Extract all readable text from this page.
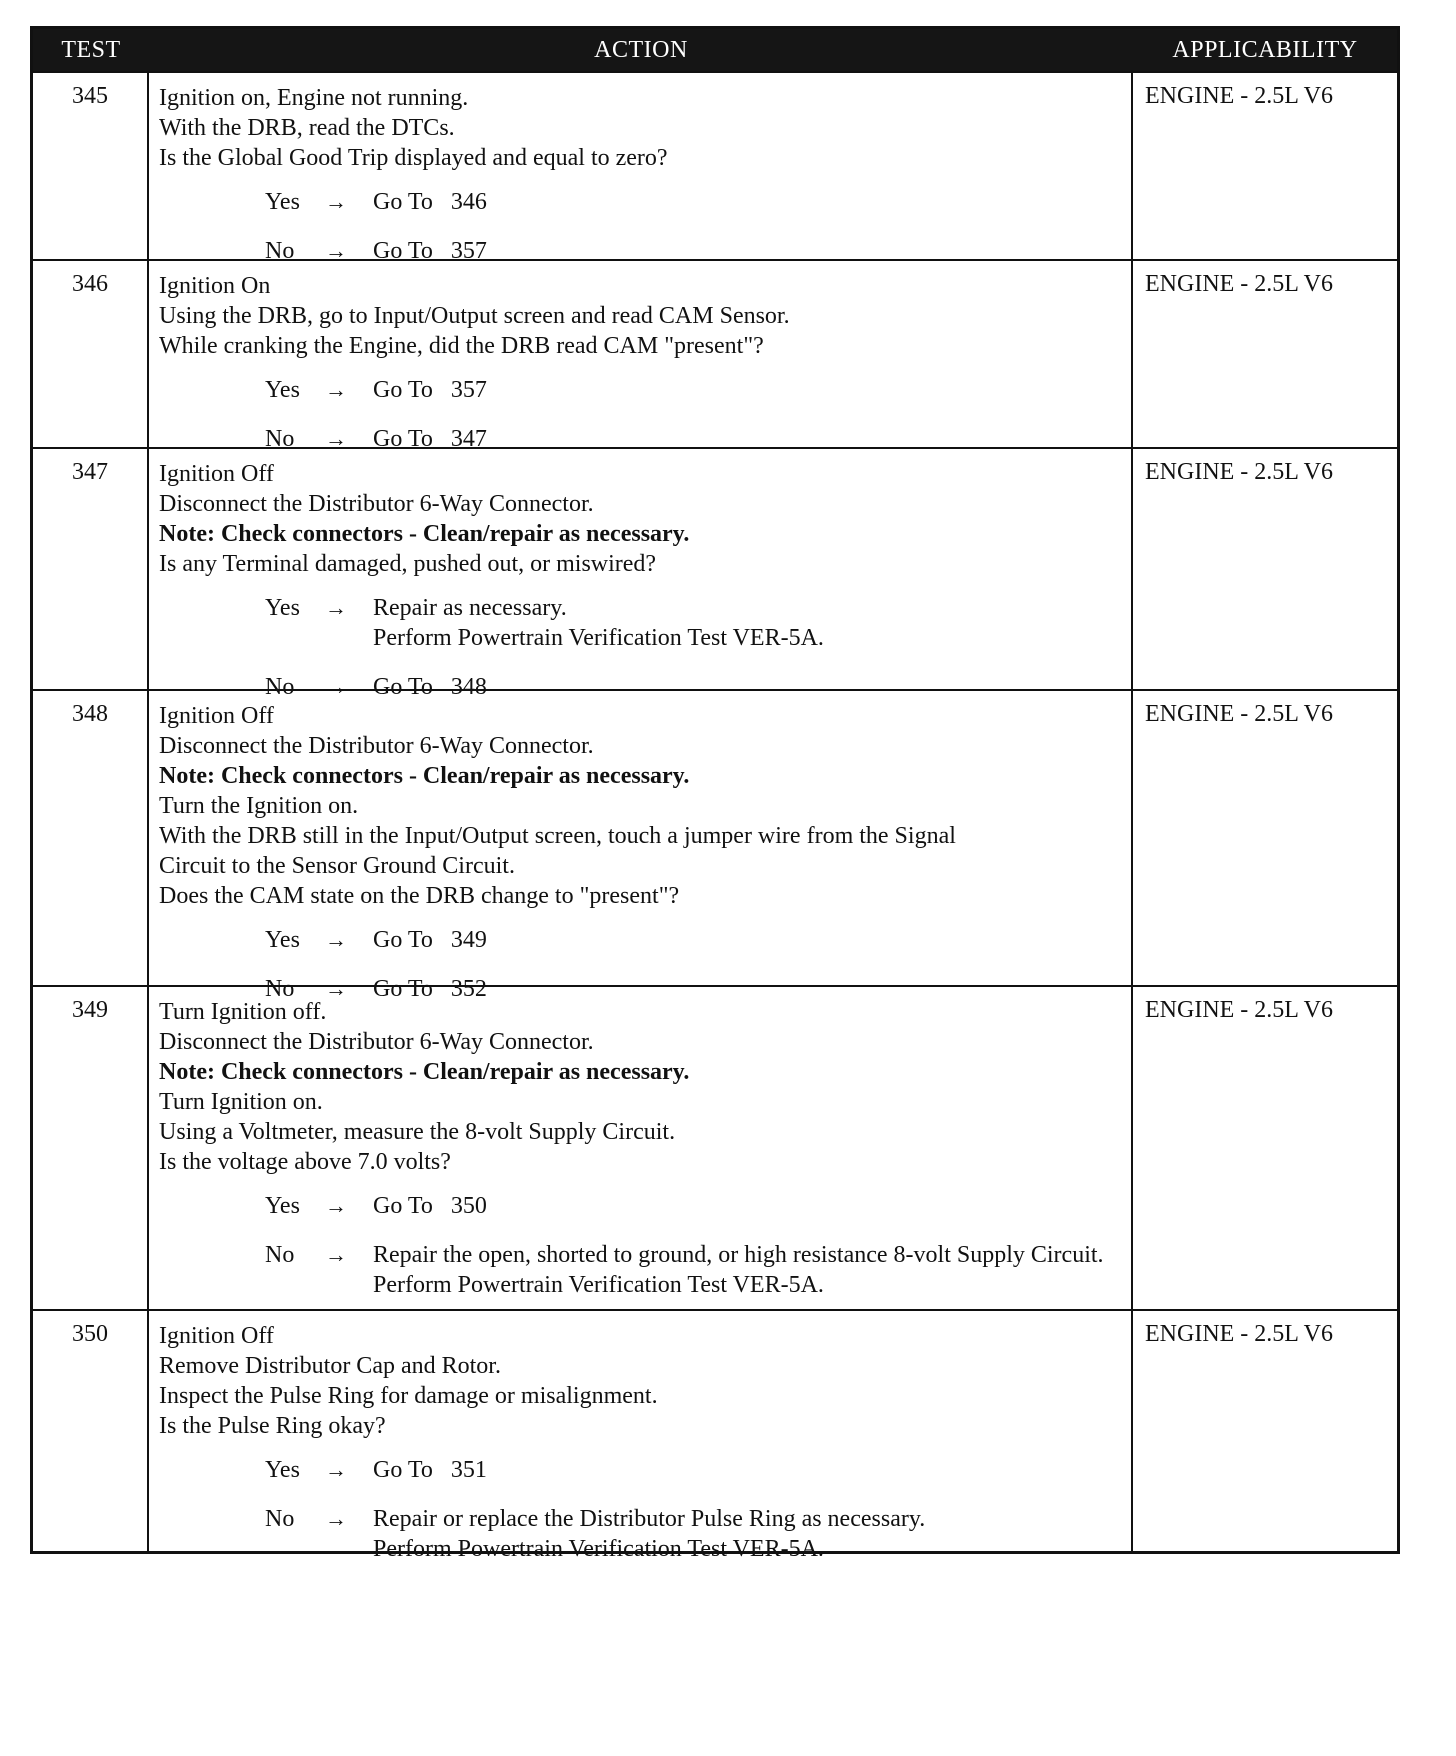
TEST	ACTION	APPLICABILITY
345	Ignition on, Engine not running.
With the DRB, read the DTCs.
Is the Global Good Trip displayed and equal to zero?
Yes	→	Go To   346
No	→	Go To   357
ENGINE - 2.5L V6
346	Ignition On
Using the DRB, go to Input/Output screen and read CAM Sensor.
While cranking the Engine, did the DRB read CAM "present"?
Yes	→	Go To   357
No	→	Go To   347
ENGINE - 2.5L V6
347	Ignition Off
Disconnect the Distributor 6-Way Connector.
Note: Check connectors - Clean/repair as necessary.
Is any Terminal damaged, pushed out, or miswired?
Yes	→	Repair as necessary.
Perform Powertrain Verification Test VER-5A.
No	→	Go To   348
ENGINE - 2.5L V6
348	Ignition Off
Disconnect the Distributor 6-Way Connector.
Note: Check connectors - Clean/repair as necessary.
Turn the Ignition on.
With the DRB still in the Input/Output screen, touch a jumper wire from the Signal
Circuit to the Sensor Ground Circuit.
Does the CAM state on the DRB change to "present"?
Yes	→	Go To   349
No	→	Go To   352
ENGINE - 2.5L V6
349	Turn Ignition off.
Disconnect the Distributor 6-Way Connector.
Note: Check connectors - Clean/repair as necessary.
Turn Ignition on.
Using a Voltmeter, measure the 8-volt Supply Circuit.
Is the voltage above 7.0 volts?
Yes	→	Go To   350
No	→	Repair the open, shorted to ground, or high resistance 8-volt Supply Circuit.
Perform Powertrain Verification Test VER-5A.
ENGINE - 2.5L V6
350	Ignition Off
Remove Distributor Cap and Rotor.
Inspect the Pulse Ring for damage or misalignment.
Is the Pulse Ring okay?
Yes	→	Go To   351
No	→	Repair or replace the Distributor Pulse Ring as necessary.
Perform Powertrain Verification Test VER-5A.
ENGINE - 2.5L V6
